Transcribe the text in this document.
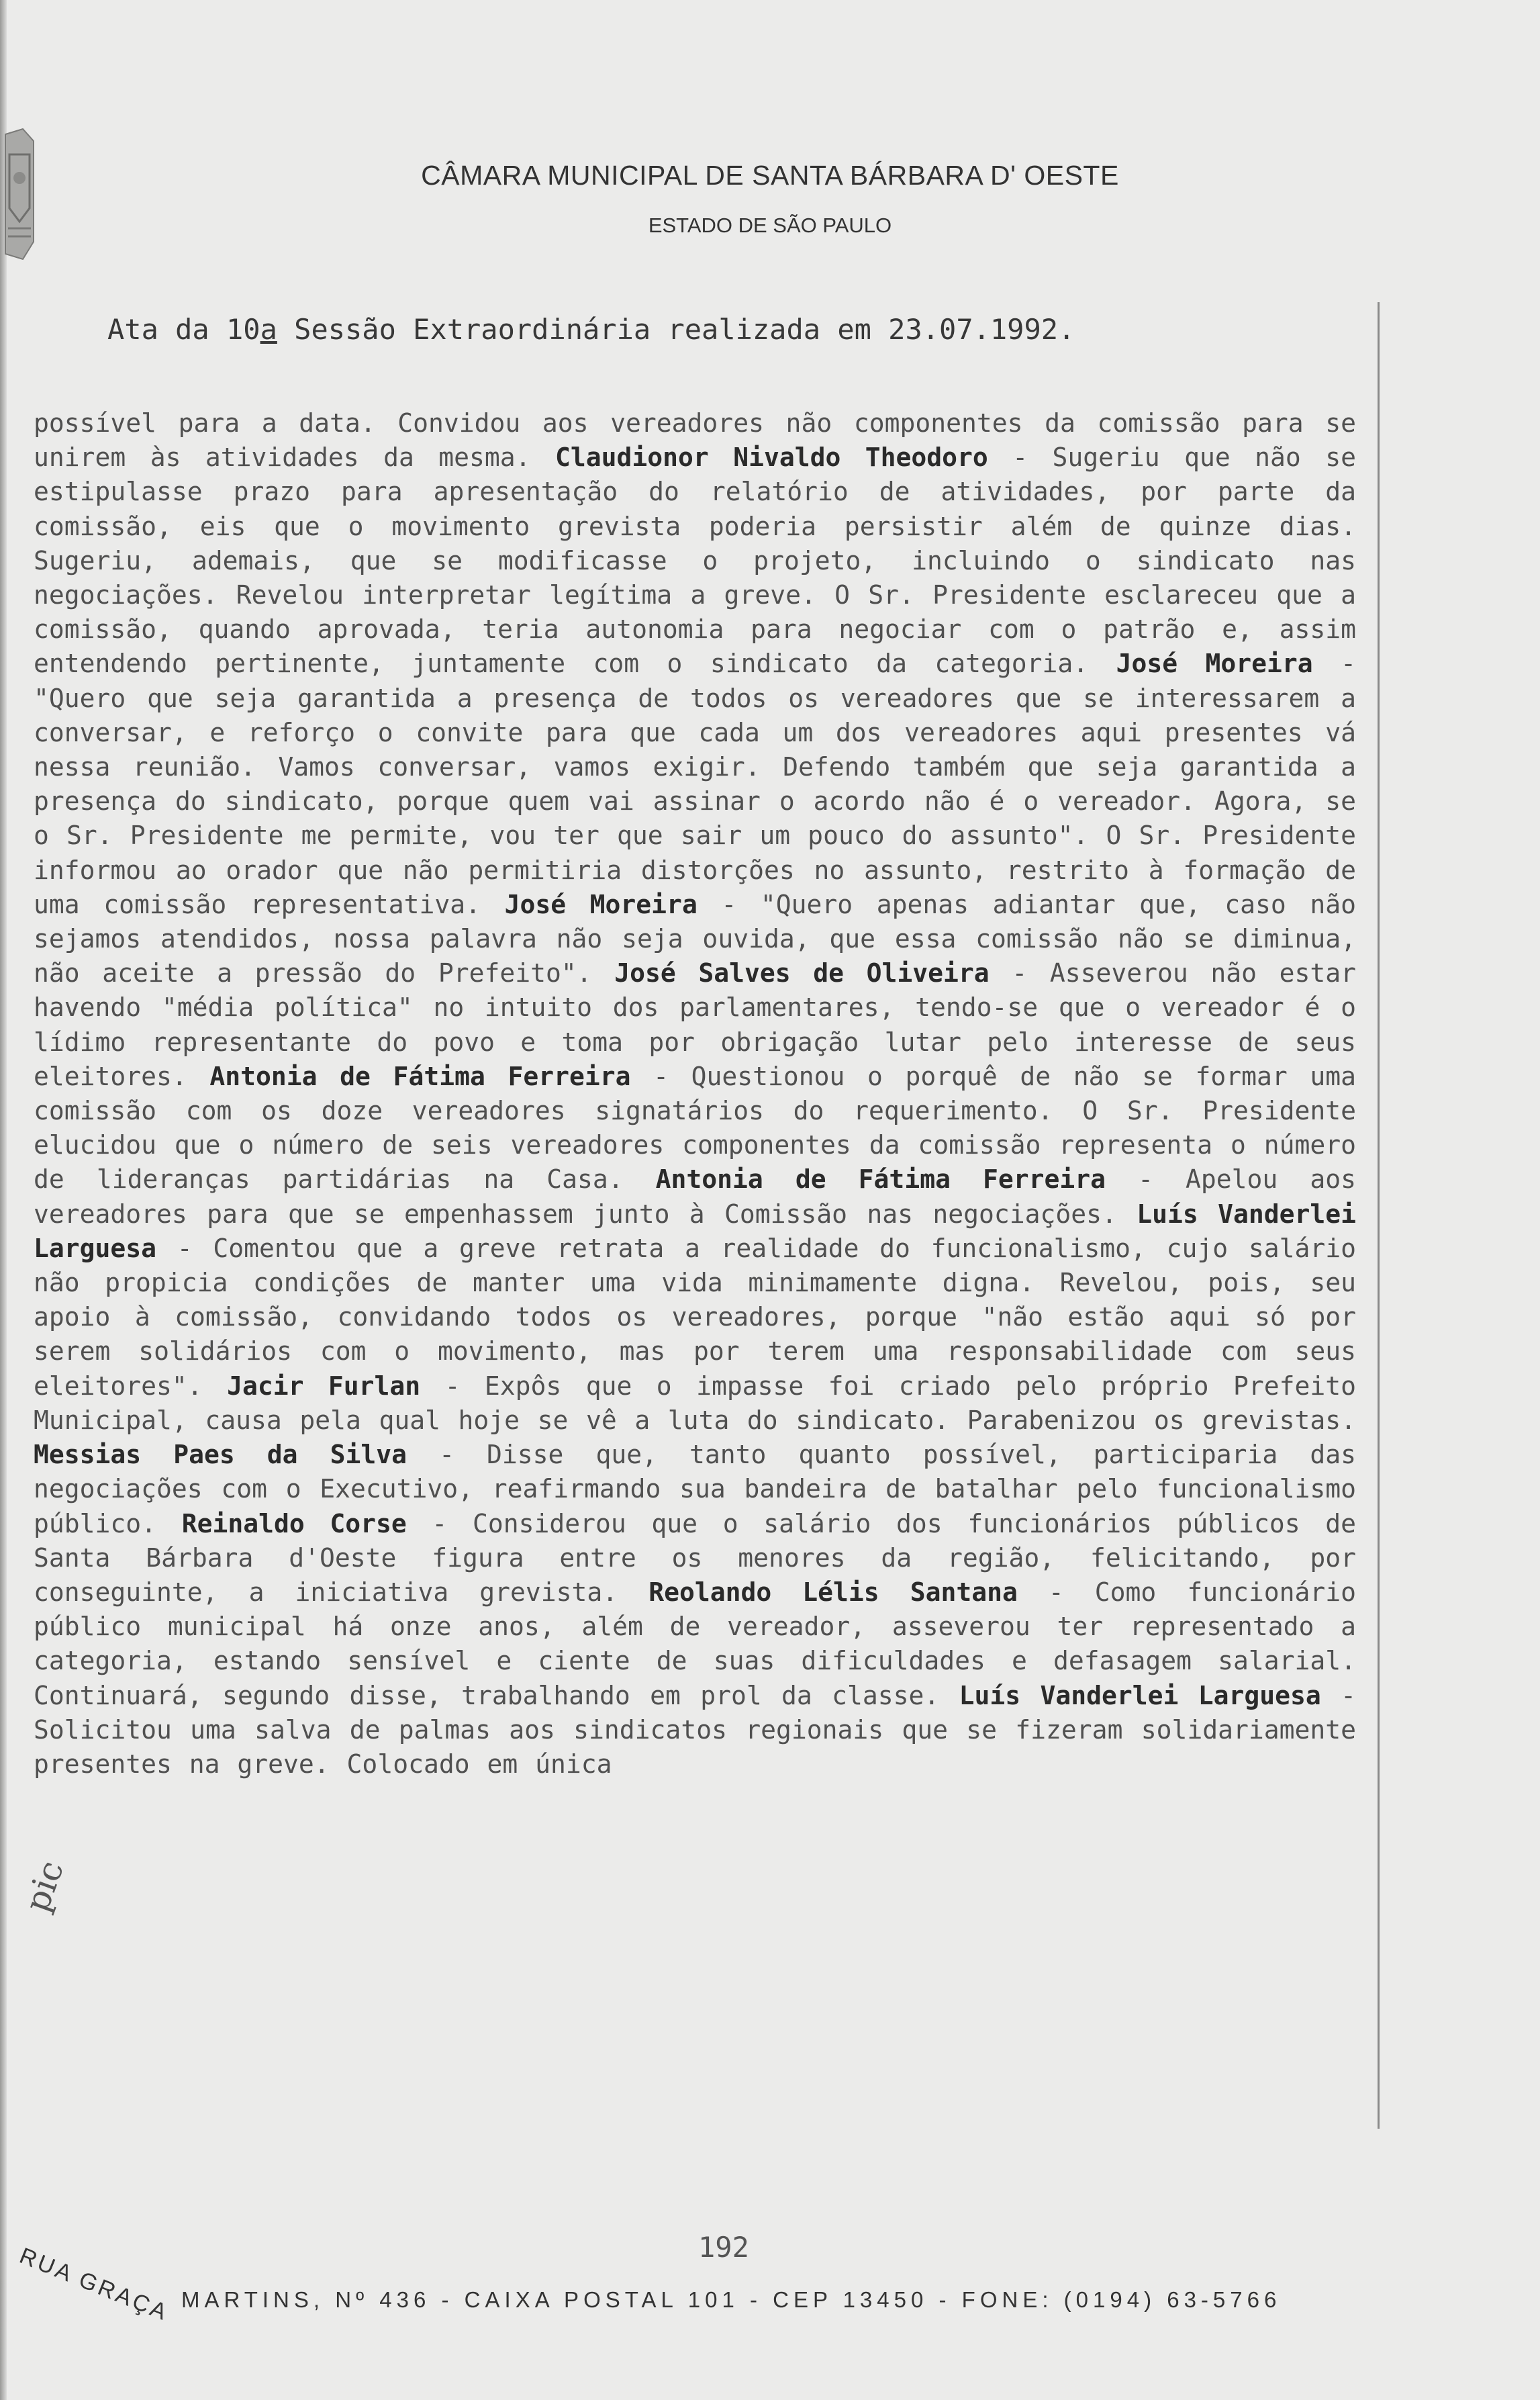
CÂMARA MUNICIPAL DE SANTA BÁRBARA D' OESTE
ESTADO DE SÃO PAULO
Ata da 10a Sessão Extraordinária realizada em 23.07.1992.

possível para a data. Convidou aos vereadores não componentes da comissão para se unirem às atividades da mesma. Claudionor Nivaldo Theodoro - Sugeriu que não se estipulasse prazo para apresentação do relatório de atividades, por parte da comissão, eis que o movimento grevista poderia persistir além de quinze dias. Sugeriu, ademais, que se modificasse o projeto, incluindo o sindicato nas negociações. Revelou interpretar legítima a greve. O Sr. Presidente esclareceu que a comissão, quando aprovada, teria autonomia para negociar com o patrão e, assim entendendo pertinente, juntamente com o sindicato da categoria. José Moreira - "Quero que seja garantida a presença de todos os vereadores que se interessarem a conversar, e reforço o convite para que cada um dos vereadores aqui presentes vá nessa reunião. Vamos conversar, vamos exigir. Defendo também que seja garantida a presença do sindicato, porque quem vai assinar o acordo não é o vereador. Agora, se o Sr. Presidente me permite, vou ter que sair um pouco do assunto". O Sr. Presidente informou ao orador que não permitiria distorções no assunto, restrito à formação de uma comissão representativa. José Moreira - "Quero apenas adiantar que, caso não sejamos atendidos, nossa palavra não seja ouvida, que essa comissão não se diminua, não aceite a pressão do Prefeito". José Salves de Oliveira - Asseverou não estar havendo "média política" no intuito dos parlamentares, tendo-se que o vereador é o lídimo representante do povo e toma por obrigação lutar pelo interesse de seus eleitores. Antonia de Fátima Ferreira - Questionou o porquê de não se formar uma comissão com os doze vereadores signatários do requerimento. O Sr. Presidente elucidou que o número de seis vereadores componentes da comissão representa o número de lideranças partidárias na Casa. Antonia de Fátima Ferreira - Apelou aos vereadores para que se empenhassem junto à Comissão nas negociações. Luís Vanderlei Larguesa - Comentou que a greve retrata a realidade do funcionalismo, cujo salário não propicia condições de manter uma vida minimamente digna. Revelou, pois, seu apoio à comissão, convidando todos os vereadores, porque "não estão aqui só por serem solidários com o movimento, mas por terem uma responsabilidade com seus eleitores". Jacir Furlan - Expôs que o impasse foi criado pelo próprio Prefeito Municipal, causa pela qual hoje se vê a luta do sindicato. Parabenizou os grevistas. Messias Paes da Silva - Disse que, tanto quanto possível, participaria das negociações com o Executivo, reafirmando sua bandeira de batalhar pelo funcionalismo público. Reinaldo Corse - Considerou que o salário dos funcionários públicos de Santa Bárbara d'Oeste figura entre os menores da região, felicitando, por conseguinte, a iniciativa grevista. Reolando Lélis Santana - Como funcionário público municipal há onze anos, além de vereador, asseverou ter representado a categoria, estando sensível e ciente de suas dificuldades e defasagem salarial. Continuará, segundo disse, trabalhando em prol da classe. Luís Vanderlei Larguesa - Solicitou uma salva de palmas aos sindicatos regionais que se fizeram solidariamente presentes na greve. Colocado em única

pic
192
RUA GRAÇA MARTINS, Nº 436 - CAIXA POSTAL 101 - CEP 13450 - FONE: (0194) 63-5766
